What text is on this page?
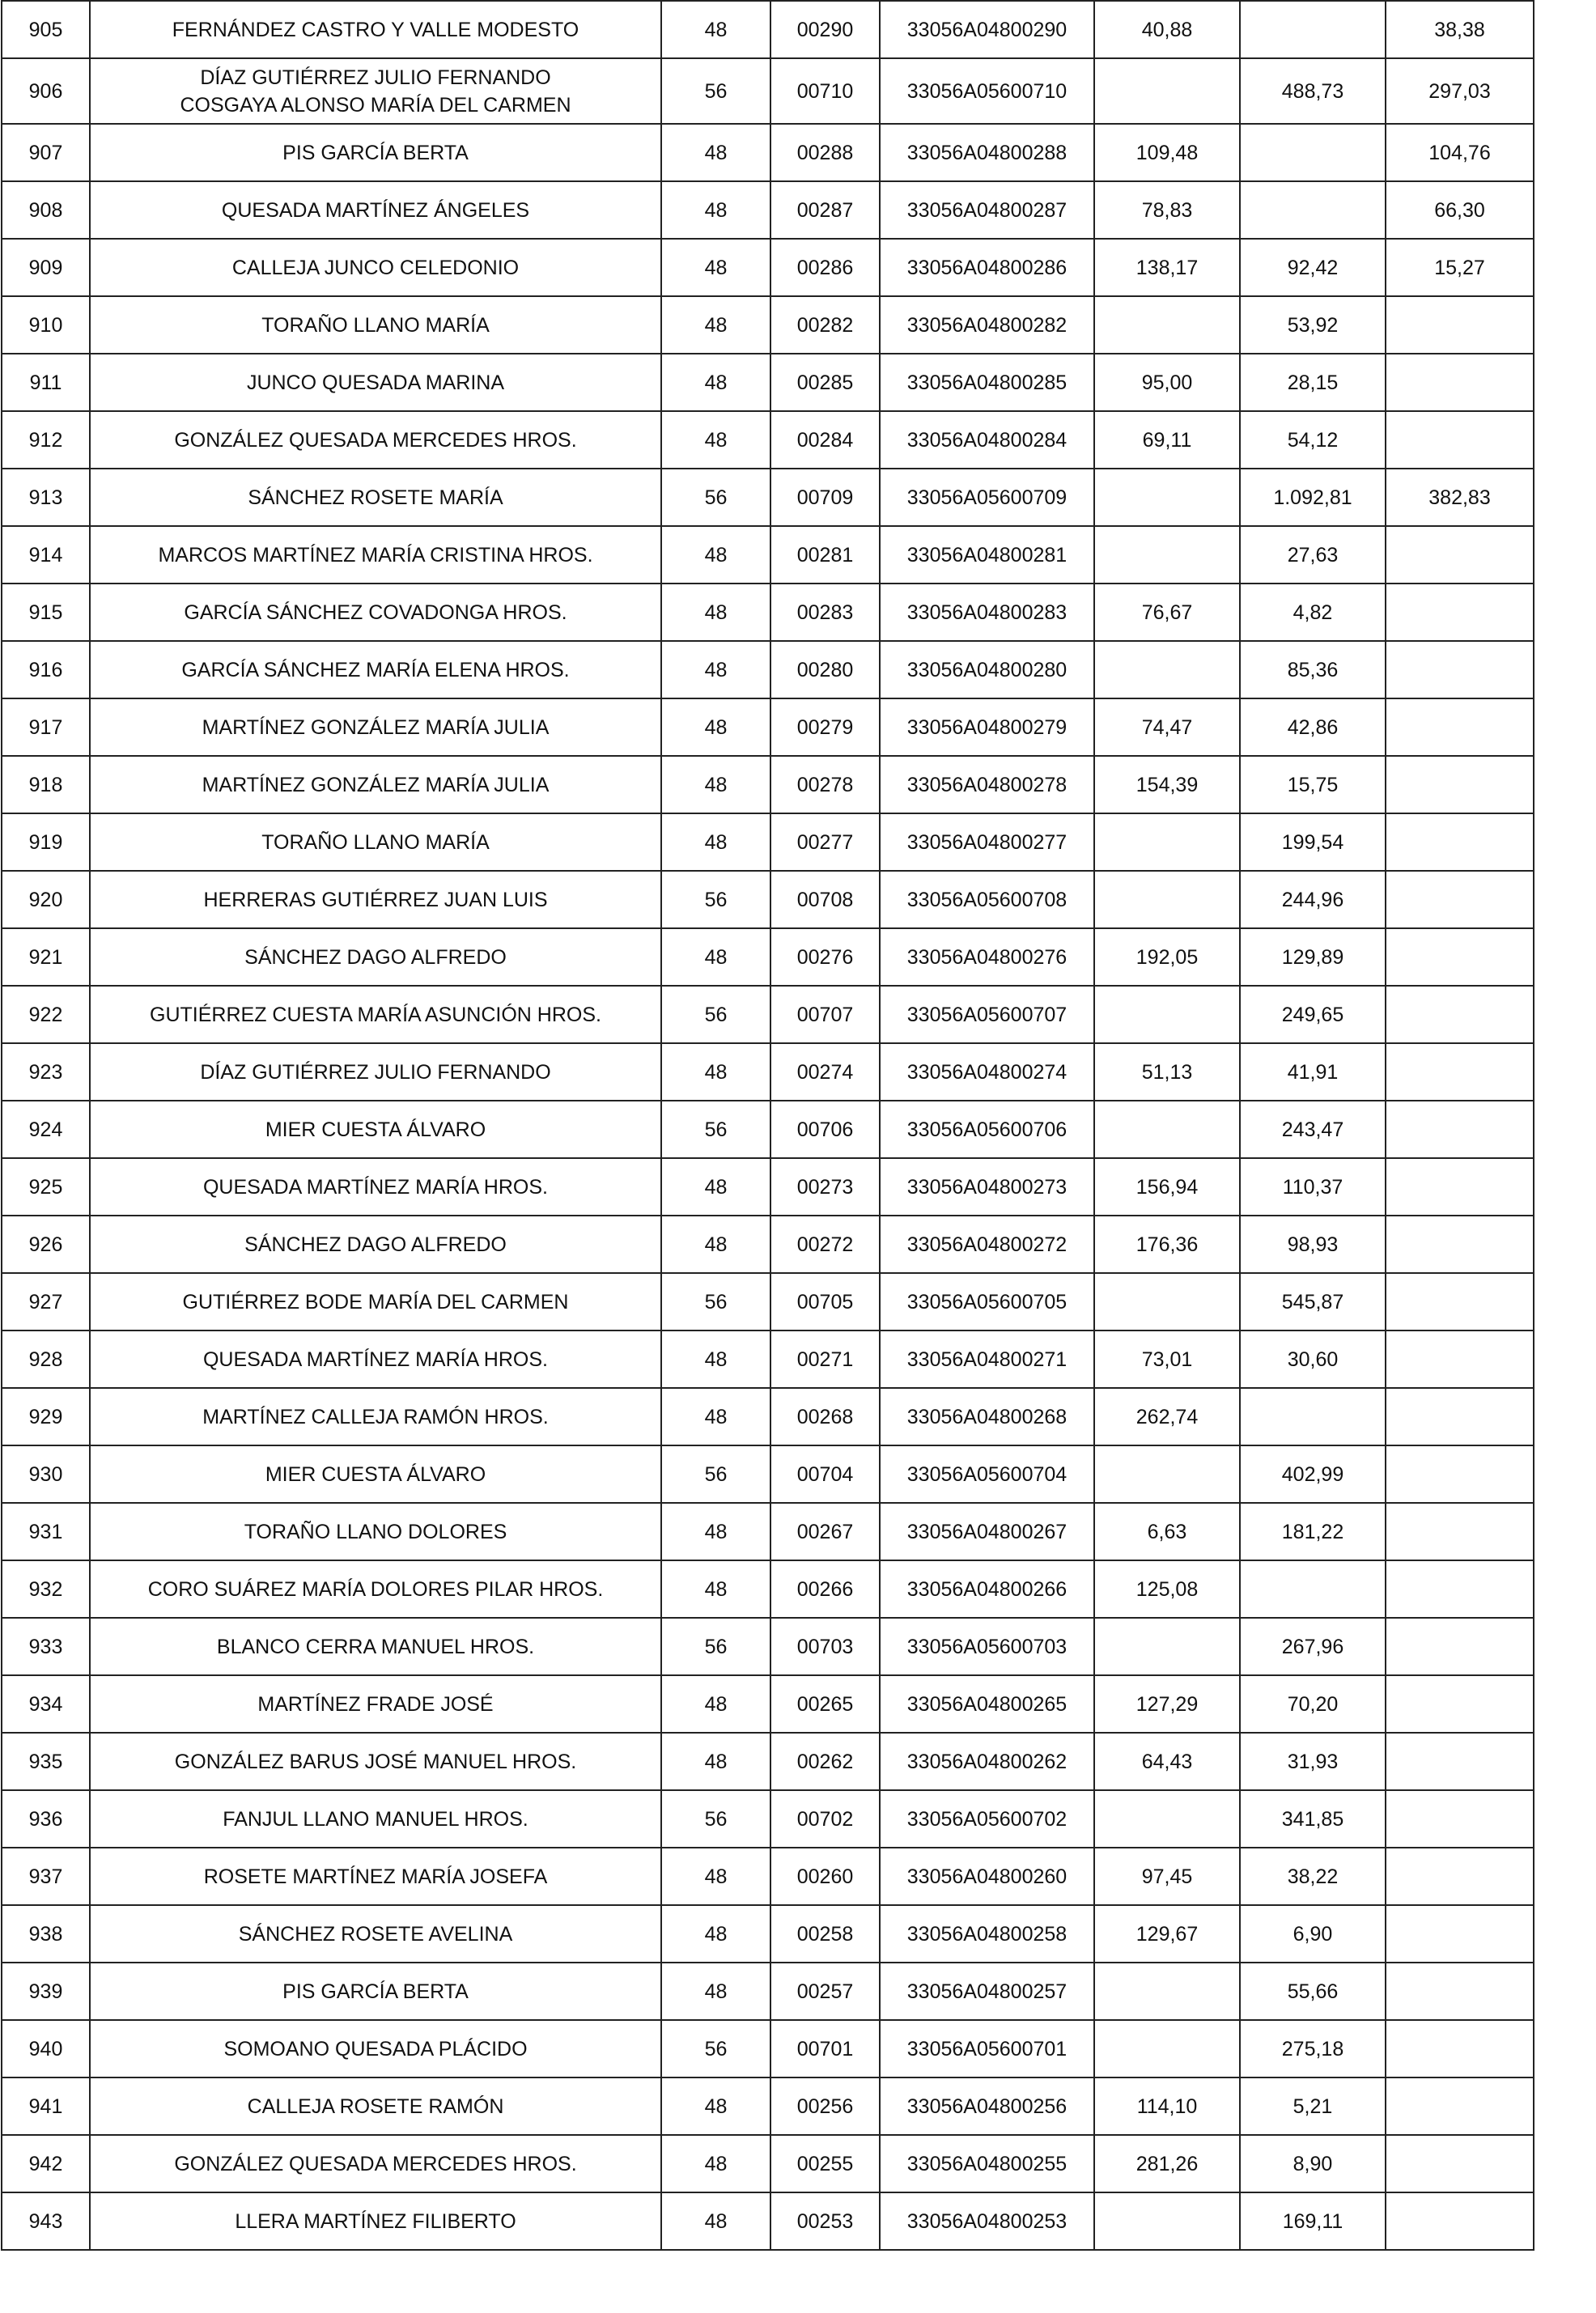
905	FERNÁNDEZ CASTRO Y VALLE MODESTO	48	00290	33056A04800290	40,88		38,38
906	DÍAZ GUTIÉRREZ JULIO FERNANDO
COSGAYA ALONSO MARÍA DEL CARMEN	56	00710	33056A05600710		488,73	297,03
907	PIS GARCÍA BERTA	48	00288	33056A04800288	109,48		104,76
908	QUESADA MARTÍNEZ ÁNGELES	48	00287	33056A04800287	78,83		66,30
909	CALLEJA JUNCO CELEDONIO	48	00286	33056A04800286	138,17	92,42	15,27
910	TORAÑO LLANO MARÍA	48	00282	33056A04800282		53,92	
911	JUNCO QUESADA MARINA	48	00285	33056A04800285	95,00	28,15	
912	GONZÁLEZ QUESADA MERCEDES HROS.	48	00284	33056A04800284	69,11	54,12	
913	SÁNCHEZ ROSETE MARÍA	56	00709	33056A05600709		1.092,81	382,83
914	MARCOS MARTÍNEZ MARÍA CRISTINA HROS.	48	00281	33056A04800281		27,63	
915	GARCÍA SÁNCHEZ COVADONGA HROS.	48	00283	33056A04800283	76,67	4,82	
916	GARCÍA SÁNCHEZ MARÍA ELENA HROS.	48	00280	33056A04800280		85,36	
917	MARTÍNEZ GONZÁLEZ MARÍA JULIA	48	00279	33056A04800279	74,47	42,86	
918	MARTÍNEZ GONZÁLEZ MARÍA JULIA	48	00278	33056A04800278	154,39	15,75	
919	TORAÑO LLANO MARÍA	48	00277	33056A04800277		199,54	
920	HERRERAS GUTIÉRREZ JUAN LUIS	56	00708	33056A05600708		244,96	
921	SÁNCHEZ DAGO ALFREDO	48	00276	33056A04800276	192,05	129,89	
922	GUTIÉRREZ CUESTA MARÍA ASUNCIÓN HROS.	56	00707	33056A05600707		249,65	
923	DÍAZ GUTIÉRREZ JULIO FERNANDO	48	00274	33056A04800274	51,13	41,91	
924	MIER CUESTA ÁLVARO	56	00706	33056A05600706		243,47	
925	QUESADA MARTÍNEZ MARÍA HROS.	48	00273	33056A04800273	156,94	110,37	
926	SÁNCHEZ DAGO ALFREDO	48	00272	33056A04800272	176,36	98,93	
927	GUTIÉRREZ BODE MARÍA DEL CARMEN	56	00705	33056A05600705		545,87	
928	QUESADA MARTÍNEZ MARÍA HROS.	48	00271	33056A04800271	73,01	30,60	
929	MARTÍNEZ CALLEJA RAMÓN HROS.	48	00268	33056A04800268	262,74		
930	MIER CUESTA ÁLVARO	56	00704	33056A05600704		402,99	
931	TORAÑO LLANO DOLORES	48	00267	33056A04800267	6,63	181,22	
932	CORO SUÁREZ MARÍA DOLORES PILAR HROS.	48	00266	33056A04800266	125,08		
933	BLANCO CERRA MANUEL HROS.	56	00703	33056A05600703		267,96	
934	MARTÍNEZ FRADE JOSÉ	48	00265	33056A04800265	127,29	70,20	
935	GONZÁLEZ BARUS JOSÉ MANUEL HROS.	48	00262	33056A04800262	64,43	31,93	
936	FANJUL LLANO MANUEL HROS.	56	00702	33056A05600702		341,85	
937	ROSETE MARTÍNEZ MARÍA JOSEFA	48	00260	33056A04800260	97,45	38,22	
938	SÁNCHEZ ROSETE AVELINA	48	00258	33056A04800258	129,67	6,90	
939	PIS GARCÍA BERTA	48	00257	33056A04800257		55,66	
940	SOMOANO QUESADA PLÁCIDO	56	00701	33056A05600701		275,18	
941	CALLEJA ROSETE RAMÓN	48	00256	33056A04800256	114,10	5,21	
942	GONZÁLEZ QUESADA MERCEDES HROS.	48	00255	33056A04800255	281,26	8,90	
943	LLERA MARTÍNEZ FILIBERTO	48	00253	33056A04800253		169,11	
